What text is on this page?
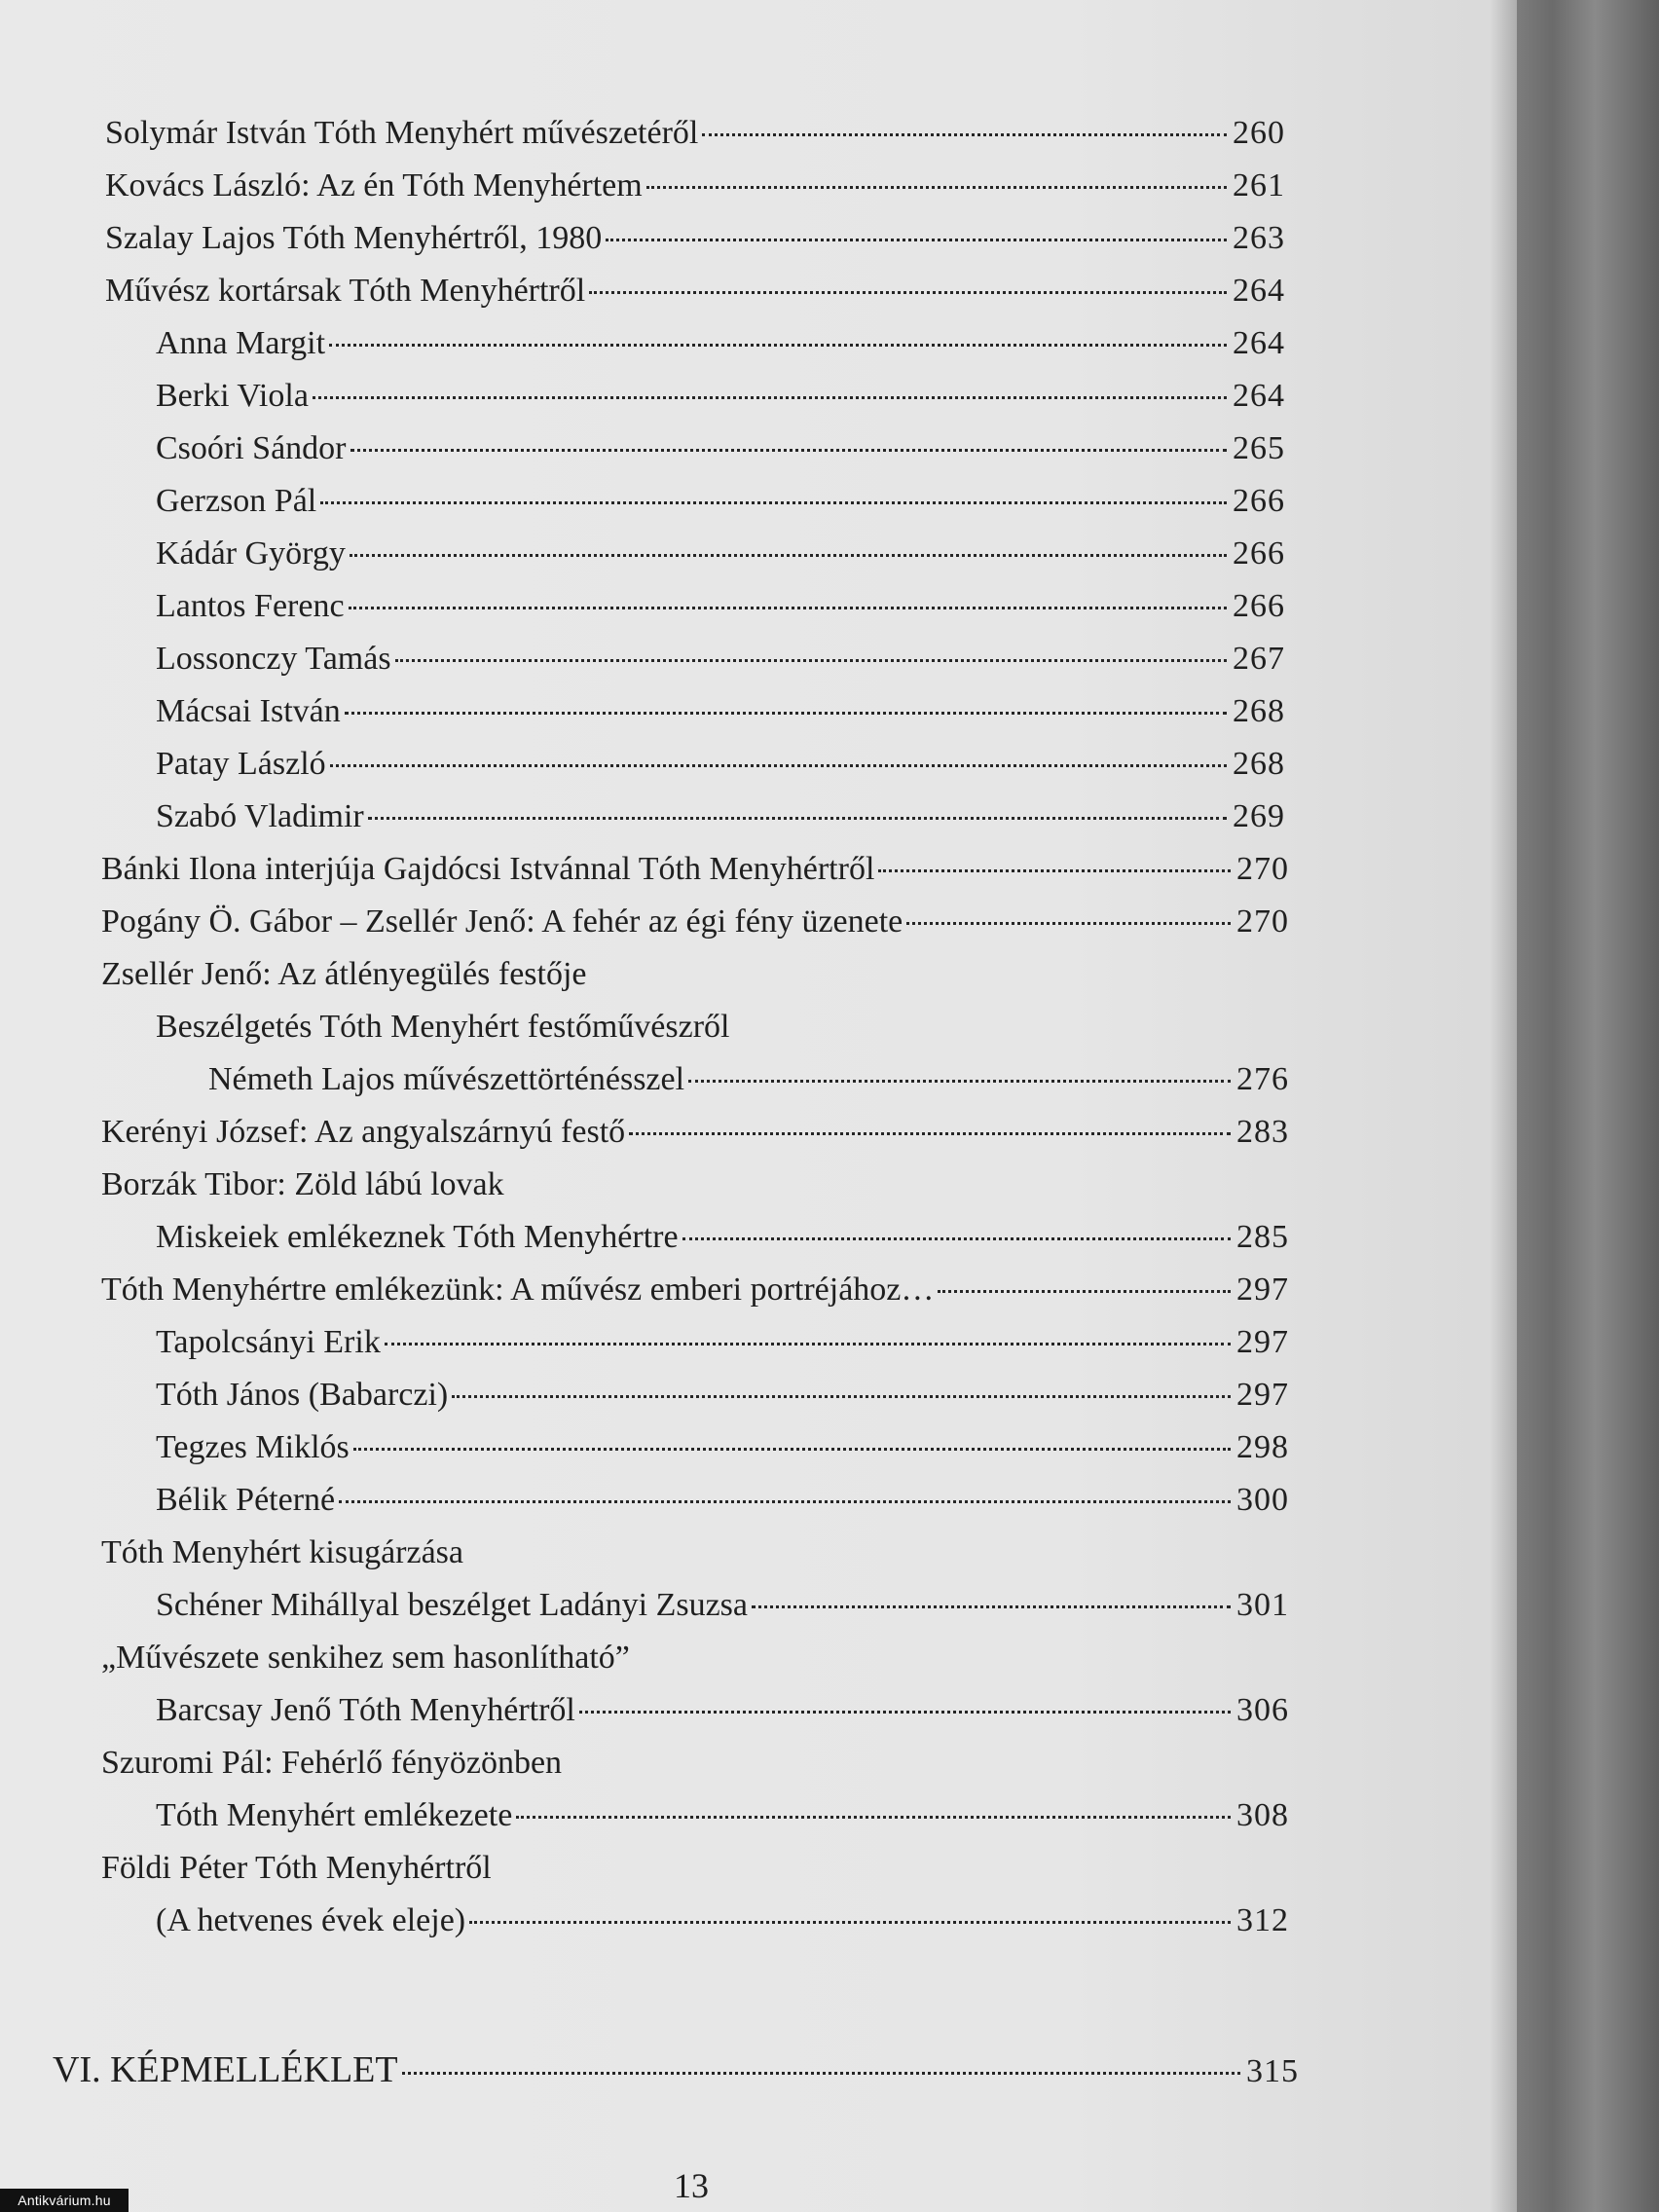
Solymár István Tóth Menyhért művészetéről	260
Kovács László: Az én Tóth Menyhértem	261
Szalay Lajos Tóth Menyhértről, 1980	263
Művész kortársak Tóth Menyhértről	264
Anna Margit	264
Berki Viola	264
Csoóri Sándor	265
Gerzson Pál	266
Kádár György	266
Lantos Ferenc	266
Lossonczy Tamás	267
Mácsai István	268
Patay László	268
Szabó Vladimir	269
Bánki Ilona interjúja Gajdócsi Istvánnal Tóth Menyhértről	270
Pogány Ö. Gábor – Zsellér Jenő: A fehér az égi fény üzenete	270
Zsellér Jenő: Az átlényegülés festője
Beszélgetés Tóth Menyhért festőművészről
Németh Lajos művészettörténésszel	276
Kerényi József: Az angyalszárnyú festő	283
Borzák Tibor: Zöld lábú lovak
Miskeiek emlékeznek Tóth Menyhértre	285
Tóth Menyhértre emlékezünk: A művész emberi portréjához…	297
Tapolcsányi Erik	297
Tóth János (Babarczi)	297
Tegzes Miklós	298
Bélik Péterné	300
Tóth Menyhért kisugárzása
Schéner Mihállyal beszélget Ladányi Zsuzsa	301
„Művészete senkihez sem hasonlítható”
Barcsay Jenő Tóth Menyhértről	306
Szuromi Pál: Fehérlő fényözönben
Tóth Menyhért emlékezete	308
Földi Péter Tóth Menyhértről
(A hetvenes évek eleje)	312
VI. KÉPMELLÉKLET	315
13
Antikvárium.hu
